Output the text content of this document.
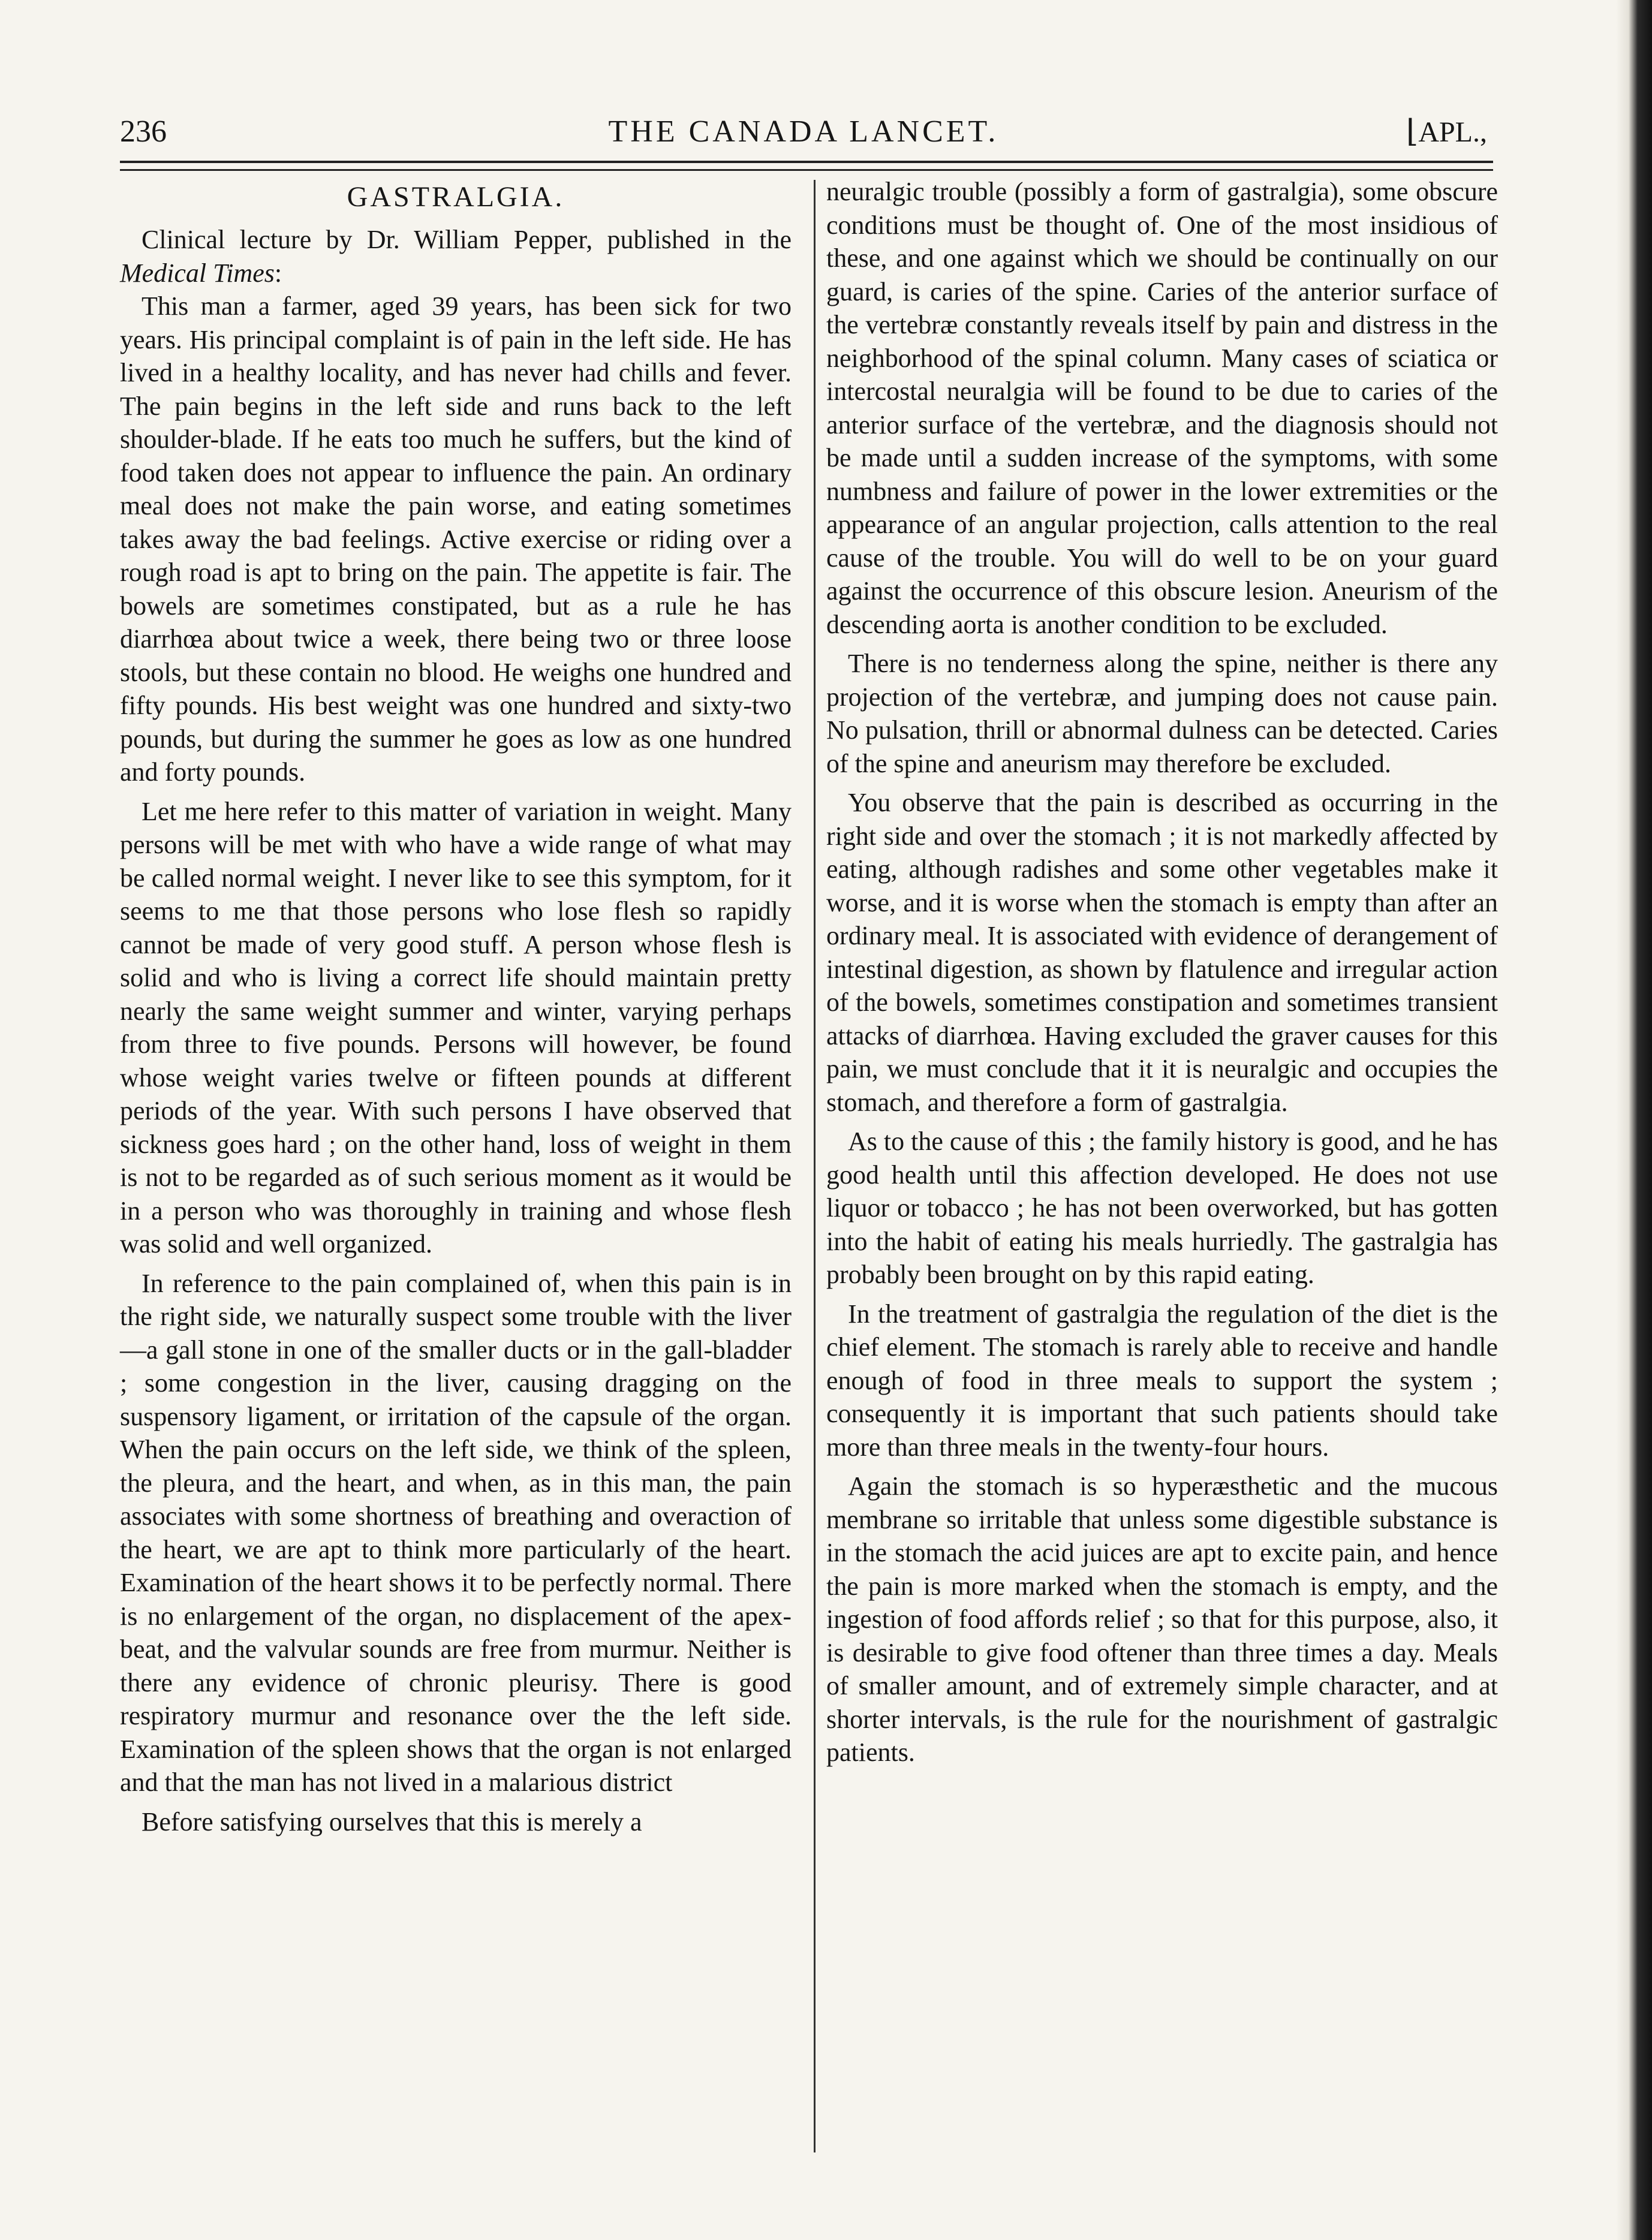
236	THE CANADA LANCET.	⌊APL.,
GASTRALGIA.

Clinical lecture by Dr. William Pepper, published in the Medical Times:

This man a farmer, aged 39 years, has been sick for two years. His principal complaint is of pain in the left side. He has lived in a healthy locality, and has never had chills and fever. The pain begins in the left side and runs back to the left shoulder-blade. If he eats too much he suffers, but the kind of food taken does not appear to influence the pain. An ordinary meal does not make the pain worse, and eating sometimes takes away the bad feelings. Active exercise or riding over a rough road is apt to bring on the pain. The appetite is fair. The bowels are sometimes constipated, but as a rule he has diarrhœa about twice a week, there being two or three loose stools, but these contain no blood. He weighs one hundred and fifty pounds. His best weight was one hundred and sixty-two pounds, but during the summer he goes as low as one hundred and forty pounds.

Let me here refer to this matter of variation in weight. Many persons will be met with who have a wide range of what may be called normal weight. I never like to see this symptom, for it seems to me that those persons who lose flesh so rapidly cannot be made of very good stuff. A person whose flesh is solid and who is living a correct life should maintain pretty nearly the same weight summer and winter, varying perhaps from three to five pounds. Persons will however, be found whose weight varies twelve or fifteen pounds at different periods of the year. With such persons I have observed that sickness goes hard ; on the other hand, loss of weight in them is not to be regarded as of such serious moment as it would be in a person who was thoroughly in training and whose flesh was solid and well organized.

In reference to the pain complained of, when this pain is in the right side, we naturally suspect some trouble with the liver—a gall stone in one of the smaller ducts or in the gall-bladder ; some congestion in the liver, causing dragging on the suspensory ligament, or irritation of the capsule of the organ. When the pain occurs on the left side, we think of the spleen, the pleura, and the heart, and when, as in this man, the pain associates with some shortness of breathing and overaction of the heart, we are apt to think more particularly of the heart. Examination of the heart shows it to be perfectly normal. There is no enlargement of the organ, no displacement of the apex-beat, and the valvular sounds are free from murmur. Neither is there any evidence of chronic pleurisy. There is good respiratory murmur and resonance over the the left side. Examination of the spleen shows that the organ is not enlarged and that the man has not lived in a malarious district

Before satisfying ourselves that this is merely a

neuralgic trouble (possibly a form of gastralgia), some obscure conditions must be thought of. One of the most insidious of these, and one against which we should be continually on our guard, is caries of the spine. Caries of the anterior surface of the vertebræ constantly reveals itself by pain and distress in the neighborhood of the spinal column. Many cases of sciatica or intercostal neuralgia will be found to be due to caries of the anterior surface of the vertebræ, and the diagnosis should not be made until a sudden increase of the symptoms, with some numbness and failure of power in the lower extremities or the appearance of an angular projection, calls attention to the real cause of the trouble. You will do well to be on your guard against the occurrence of this obscure lesion. Aneurism of the descending aorta is another condition to be excluded.

There is no tenderness along the spine, neither is there any projection of the vertebræ, and jumping does not cause pain. No pulsation, thrill or abnormal dulness can be detected. Caries of the spine and aneurism may therefore be excluded.

You observe that the pain is described as occurring in the right side and over the stomach ; it is not markedly affected by eating, although radishes and some other vegetables make it worse, and it is worse when the stomach is empty than after an ordinary meal. It is associated with evidence of derangement of intestinal digestion, as shown by flatulence and irregular action of the bowels, sometimes constipation and sometimes transient attacks of diarrhœa. Having excluded the graver causes for this pain, we must conclude that it it is neuralgic and occupies the stomach, and therefore a form of gastralgia.

As to the cause of this ; the family history is good, and he has good health until this affection developed. He does not use liquor or tobacco ; he has not been overworked, but has gotten into the habit of eating his meals hurriedly. The gastralgia has probably been brought on by this rapid eating.

In the treatment of gastralgia the regulation of the diet is the chief element. The stomach is rarely able to receive and handle enough of food in three meals to support the system ; consequently it is important that such patients should take more than three meals in the twenty-four hours.

Again the stomach is so hyperæsthetic and the mucous membrane so irritable that unless some digestible substance is in the stomach the acid juices are apt to excite pain, and hence the pain is more marked when the stomach is empty, and the ingestion of food affords relief ; so that for this purpose, also, it is desirable to give food oftener than three times a day. Meals of smaller amount, and of extremely simple character, and at shorter intervals, is the rule for the nourishment of gastralgic patients.
